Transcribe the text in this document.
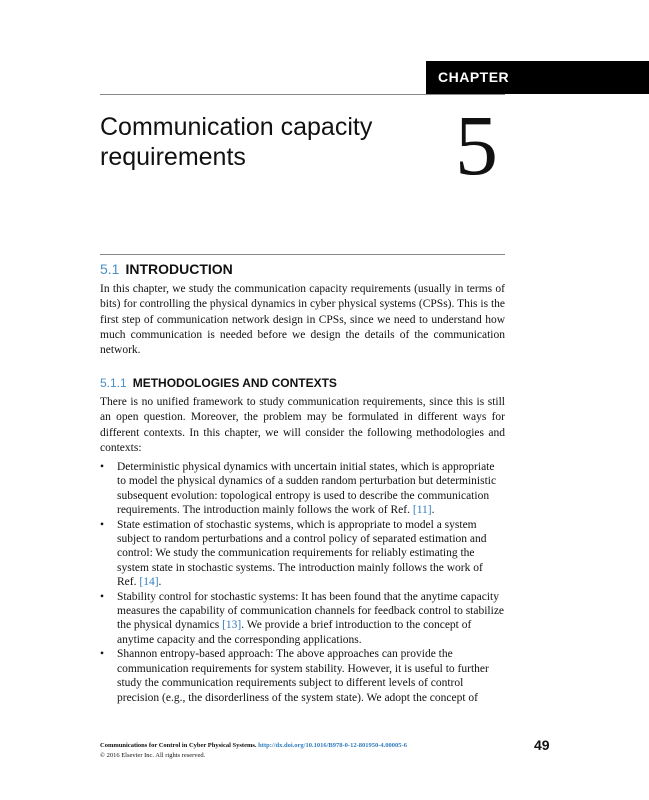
CHAPTER
Communication capacity requirements	5
5.1 INTRODUCTION

In this chapter, we study the communication capacity requirements (usually in terms of bits) for controlling the physical dynamics in cyber physical systems (CPSs). This is the first step of communication network design in CPSs, since we need to understand how much communication is needed before we design the details of the communication network.

5.1.1 METHODOLOGIES AND CONTEXTS

There is no unified framework to study communication requirements, since this is still an open question. Moreover, the problem may be formulated in different ways for different contexts. In this chapter, we will consider the following methodologies and contexts:

• Deterministic physical dynamics with uncertain initial states, which is appropriate to model the physical dynamics of a sudden random perturbation but deterministic subsequent evolution: topological entropy is used to describe the communication requirements. The introduction mainly follows the work of Ref. [11].
• State estimation of stochastic systems, which is appropriate to model a system subject to random perturbations and a control policy of separated estimation and control: We study the communication requirements for reliably estimating the system state in stochastic systems. The introduction mainly follows the work of Ref. [14].
• Stability control for stochastic systems: It has been found that the anytime capacity measures the capability of communication channels for feedback control to stabilize the physical dynamics [13]. We provide a brief introduction to the concept of anytime capacity and the corresponding applications.
• Shannon entropy-based approach: The above approaches can provide the communication requirements for system stability. However, it is useful to further study the communication requirements subject to different levels of control precision (e.g., the disorderliness of the system state). We adopt the concept of
Communications for Control in Cyber Physical Systems. http://dx.doi.org/10.1016/B978-0-12-801950-4.00005-6
© 2016 Elsevier Inc. All rights reserved.
49
